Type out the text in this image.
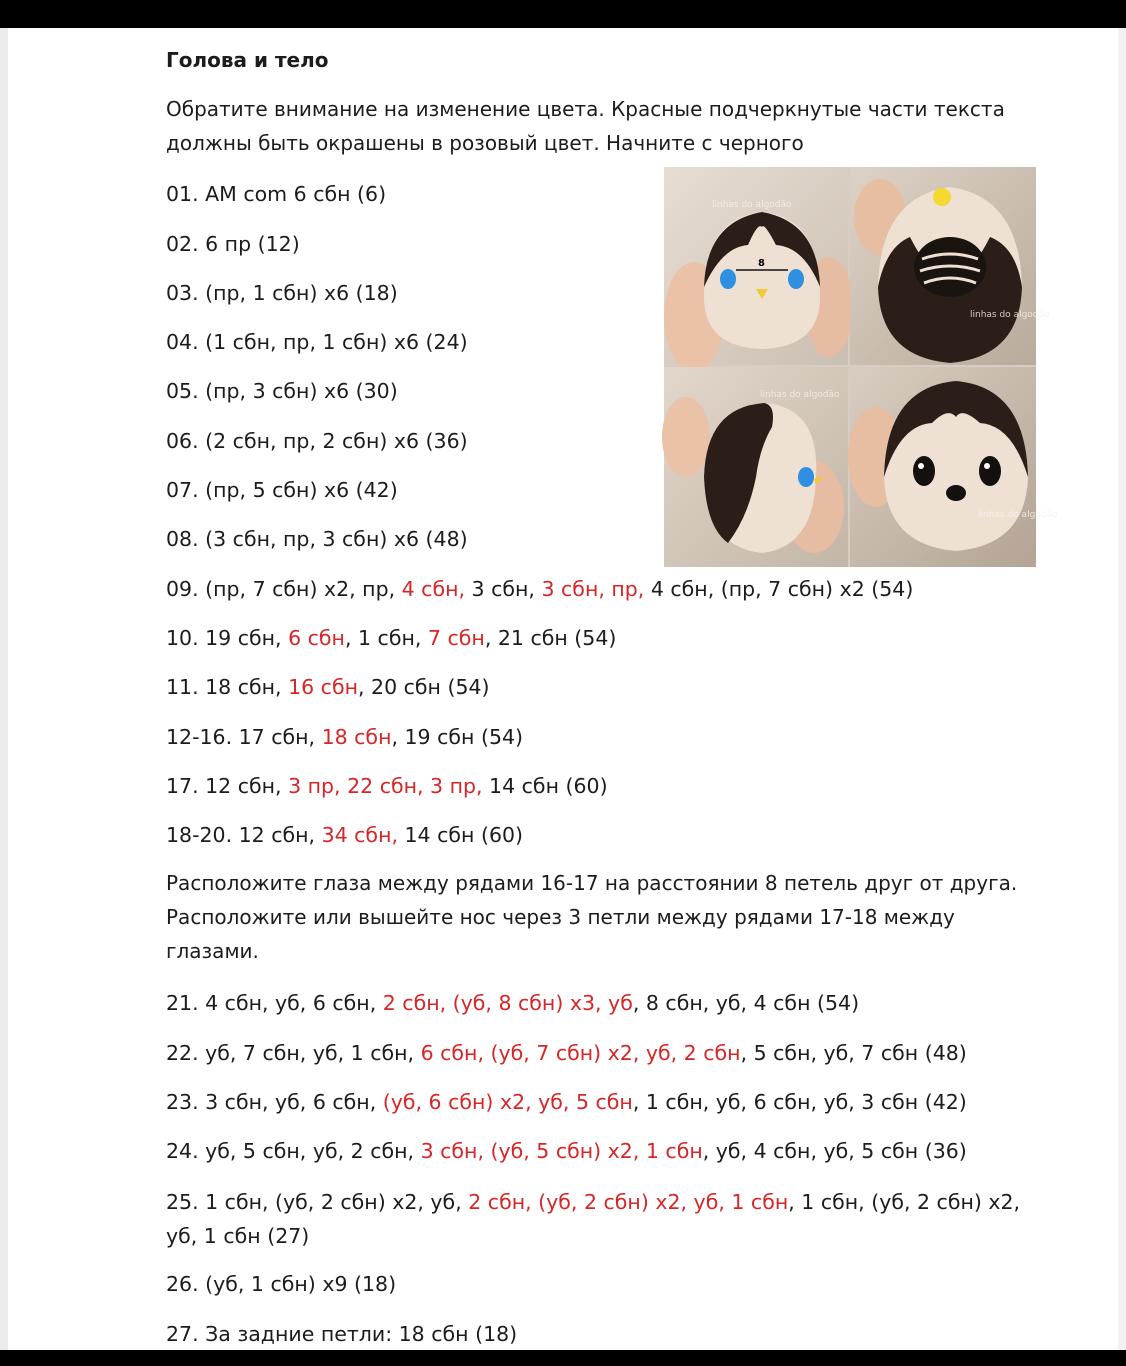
Голова и тело
Обратите внимание на изменение цвета. Красные подчеркнутые части текста должны быть окрашены в розовый цвет. Начните с черного
01. AM com 6 сбн (6)
02. 6 пр (12)
03. (пр, 1 сбн) х6 (18)
04. (1 сбн, пр, 1 сбн) х6 (24)
05. (пр, 3 сбн) х6 (30)
06. (2 сбн, пр, 2 сбн) х6 (36)
07. (пр, 5 сбн) х6 (42)
08. (3 сбн, пр, 3 сбн) х6 (48)
09. (пр, 7 сбн) х2, пр, 4 сбн, 3 сбн, 3 сбн, пр, 4 сбн, (пр, 7 сбн) х2 (54)
10. 19 сбн, 6 сбн, 1 сбн, 7 сбн, 21 сбн (54)
11. 18 сбн, 16 сбн, 20 сбн (54)
12-16. 17 сбн, 18 сбн, 19 сбн (54)
17. 12 сбн, 3 пр, 22 сбн, 3 пр, 14 сбн (60)
18-20. 12 сбн, 34 сбн, 14 сбн (60)
Расположите глаза между рядами 16-17 на расстоянии 8 петель друг от друга. Расположите или вышейте нос через 3 петли между рядами 17-18 между глазами.
21. 4 сбн, уб, 6 сбн, 2 сбн, (уб, 8 сбн) х3, уб, 8 сбн, уб, 4 сбн (54)
22. уб, 7 сбн, уб, 1 сбн, 6 сбн, (уб, 7 сбн) х2, уб, 2 сбн, 5 сбн, уб, 7 сбн (48)
23. 3 сбн, уб, 6 сбн, (уб, 6 сбн) х2, уб, 5 сбн, 1 сбн, уб, 6 сбн, уб, 3 сбн (42)
24. уб, 5 сбн, уб, 2 сбн, 3 сбн, (уб, 5 сбн) х2, 1 сбн, уб, 4 сбн, уб, 5 сбн (36)
25. 1 сбн, (уб, 2 сбн) х2, уб, 2 сбн, (уб, 2 сбн) х2, уб, 1 сбн, 1 сбн, (уб, 2 сбн) х2, уб, 1 сбн (27)
26. (уб, 1 сбн) х9 (18)
27. За задние петли: 18 сбн (18)
8
linhas do algodão
linhas do algodão
linhas do algodão
linhas do algodão
